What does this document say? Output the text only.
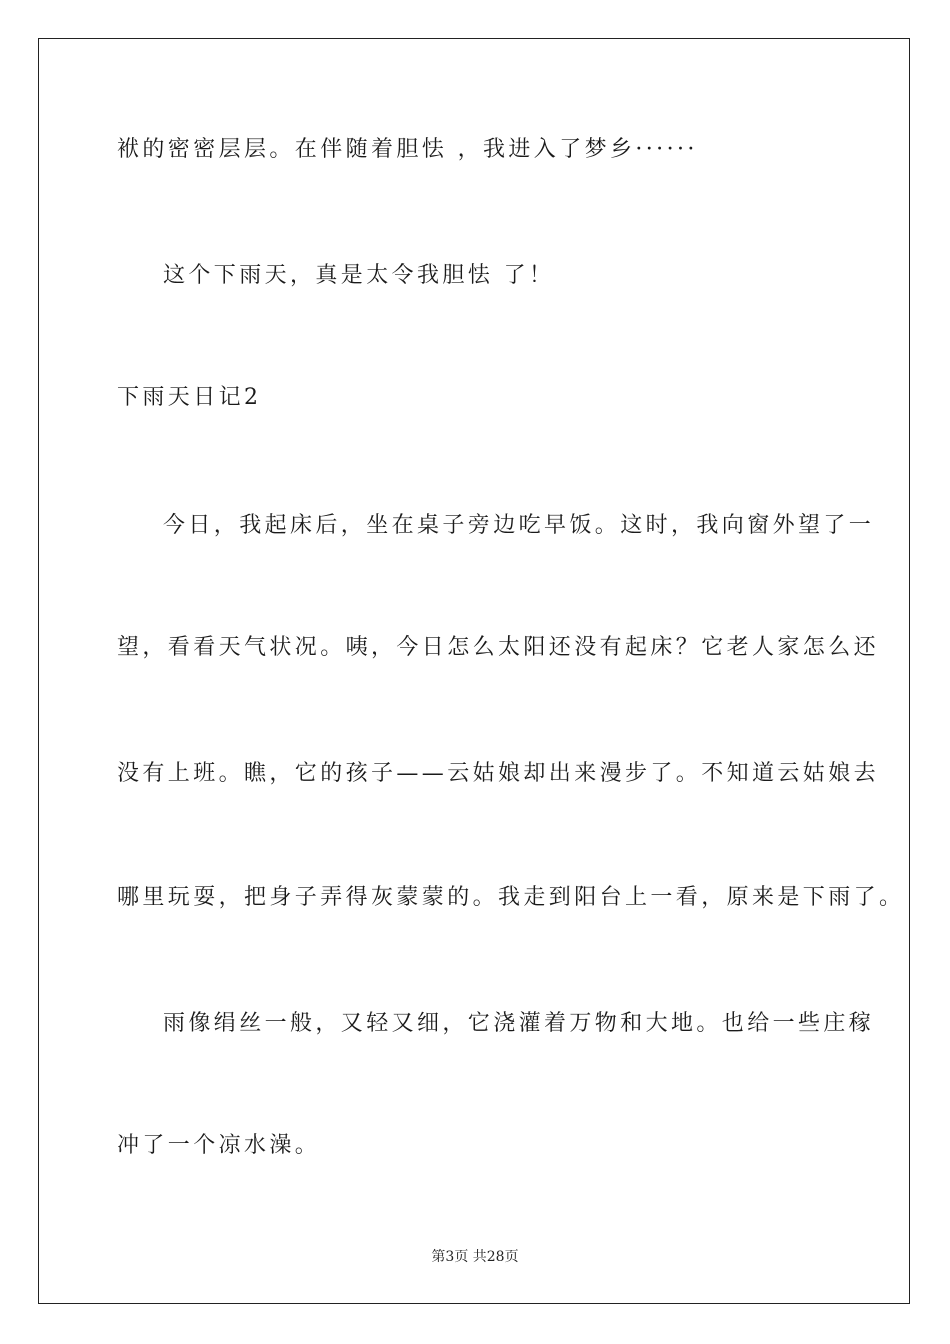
袱的密密层层。在伴随着胆怯 ，我进入了梦乡······
这个下雨天，真是太令我胆怯 了！
下雨天日记2
今日，我起床后，坐在桌子旁边吃早饭。这时，我向窗外望了一
望，看看天气状况。咦，今日怎么太阳还没有起床？它老人家怎么还
没有上班。瞧，它的孩子——云姑娘却出来漫步了。不知道云姑娘去
哪里玩耍，把身子弄得灰蒙蒙的。我走到阳台上一看，原来是下雨了。
雨像绢丝一般，又轻又细，它浇灌着万物和大地。也给一些庄稼
冲了一个凉水澡。
第3页 共28页
